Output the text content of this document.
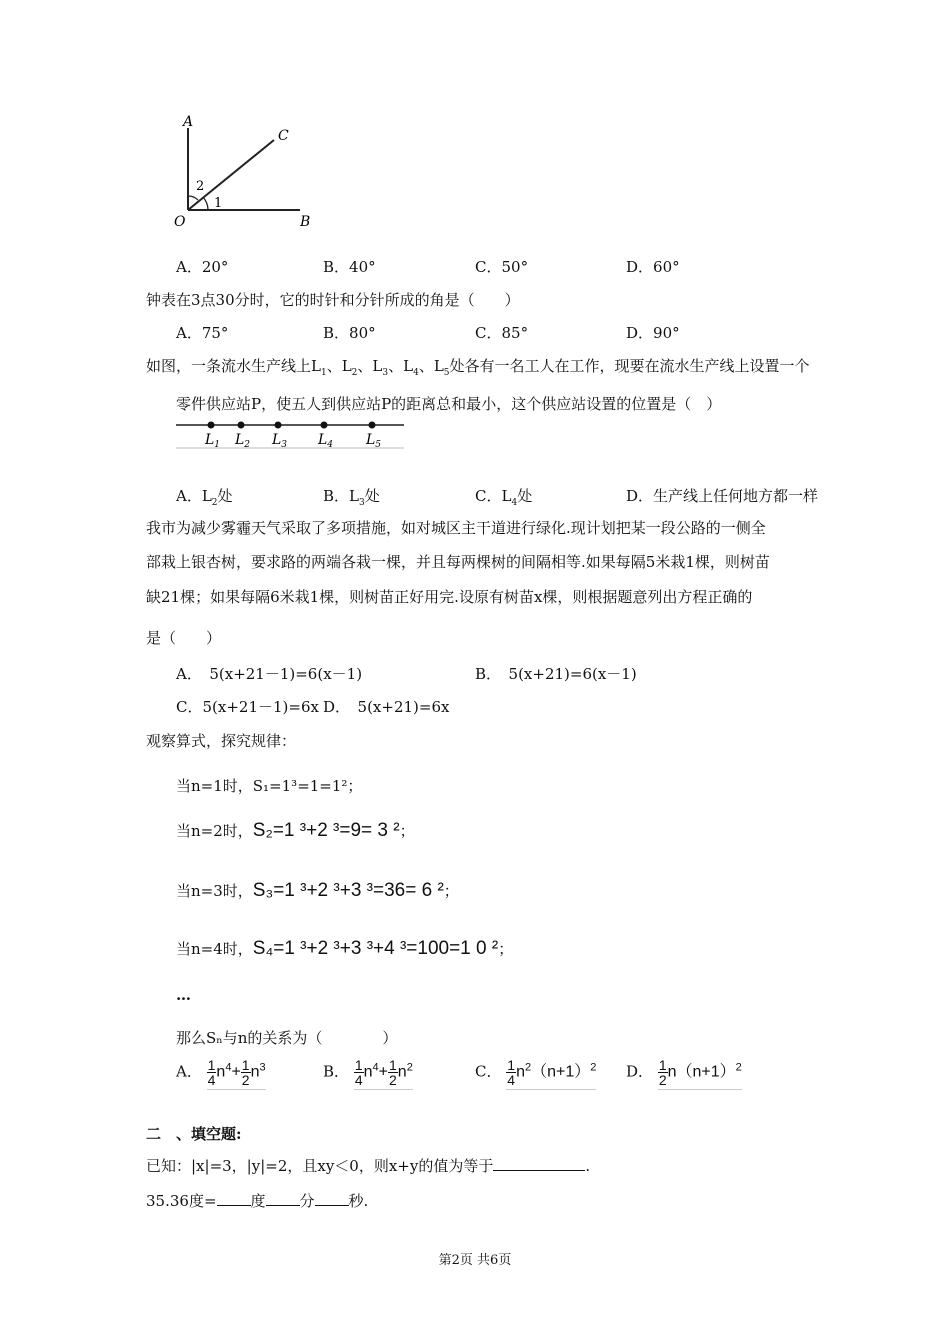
A
C
O	B
2
1
A．20°	B．40°	C．50°	D．60°
钟表在3点30分时，它的时针和分针所成的角是（　　）
A．75°	B．80°	C．85°	D．90°
如图，一条流水生产线上$L_1$、$L_2$、$L_3$、$L_4$、$L_5$处各有一名工人在工作，现要在流水生产线上设置一个
零件供应站P，使五人到供应站P的距离总和最小，这个供应站设置的位置是（　）
$L_1$ $L_2$ $L_3$ $L_4$ $L_5$
A．$L_2$处	B．$L_3$处	C．$L_4$处	D．生产线上任何地方都一样
我市为减少雾霾天气采取了多项措施，如对城区主干道进行绿化.现计划把某一段公路的一侧全
部栽上银杏树，要求路的两端各栽一棵，并且每两棵树的间隔相等.如果每隔5米栽1棵，则树苗
缺21棵；如果每隔6米栽1棵，则树苗正好用完.设原有树苗x棵，则根据题意列出方程正确的
是（　　）
A．　5(x+21－1)=6(x－1)	B．　5(x+21)=6(x－1)
C．5(x+21－1)=6x D．　5(x+21)=6x
观察算式，探究规律：
当n=1时，S₁=1³=1=1²；
当n=2时，S₂=1 ³+2 ³=9= 3 ²；
当n=3时，S₃=1 ³+2 ³+3 ³=36= 6 ²；
当n=4时，S₄=1 ³+2 ³+3 ³+4 ³=100=1 0 ²；
…
那么Sₙ与n的关系为（　　　　）
A． $\frac{1}{4} n^4+ \frac{1}{2} n^3$	B． $\frac{1}{4} n^4+ \frac{1}{2} n^2$	C． $\frac{1}{4} n^2(n+1)^2$ D． $\frac{1}{2} n(n+1)^2$
二　、填空题:
已知：|x|=3，|y|=2，且xy＜0，则x+y的值为等于	.
35.36度= 度 分 秒.
第2页 共6页
